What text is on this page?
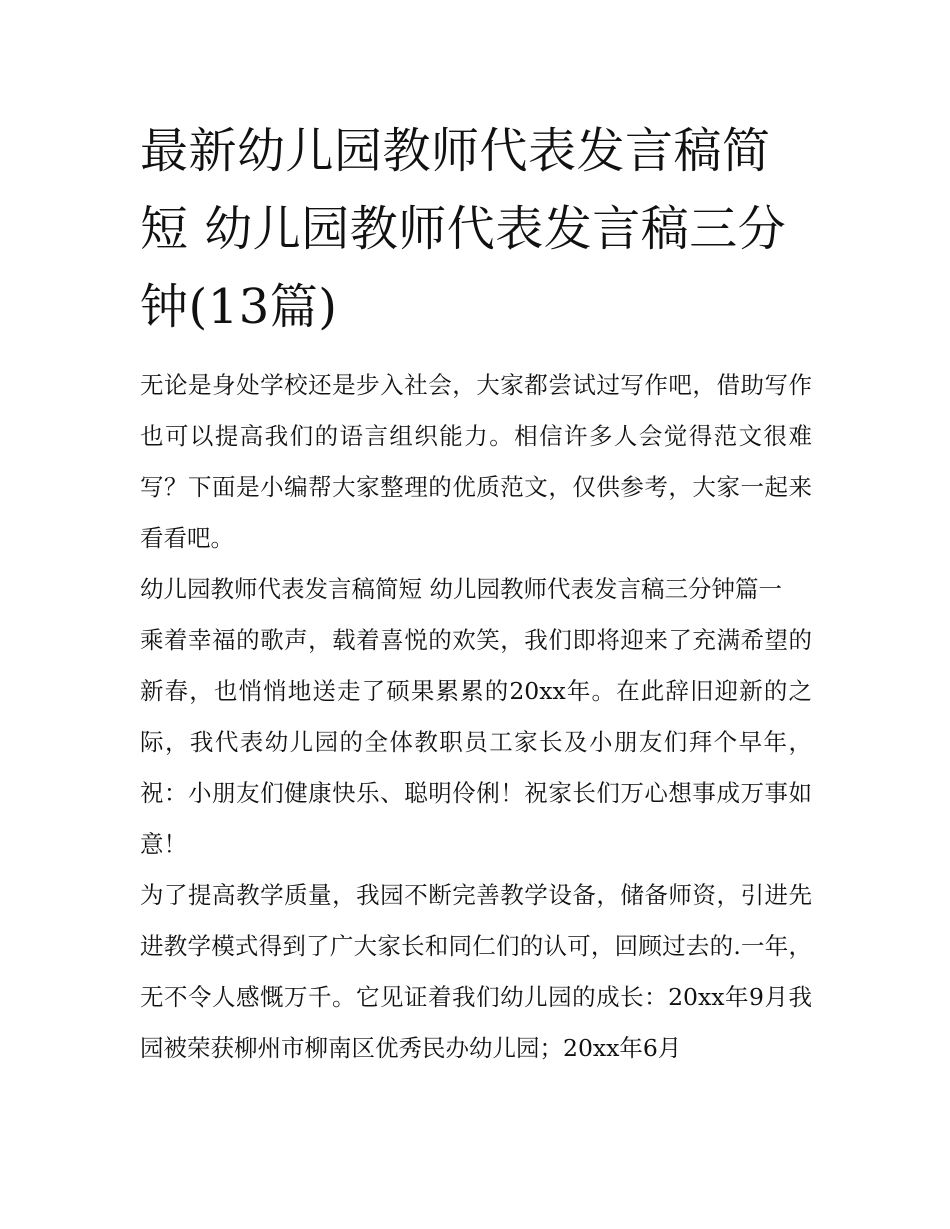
最新幼儿园教师代表发言稿简短 幼儿园教师代表发言稿三分钟(13篇)

无论是身处学校还是步入社会，大家都尝试过写作吧，借助写作也可以提高我们的语言组织能力。相信许多人会觉得范文很难写？下面是小编帮大家整理的优质范文，仅供参考，大家一起来看看吧。

幼儿园教师代表发言稿简短 幼儿园教师代表发言稿三分钟篇一

乘着幸福的歌声，载着喜悦的欢笑，我们即将迎来了充满希望的新春，也悄悄地送走了硕果累累的20xx年。在此辞旧迎新的之际，我代表幼儿园的全体教职员工家长及小朋友们拜个早年，祝：小朋友们健康快乐、聪明伶俐！祝家长们万心想事成万事如意！

为了提高教学质量，我园不断完善教学设备，储备师资，引进先进教学模式得到了广大家长和同仁们的认可，回顾过去的.一年，无不令人感慨万千。它见证着我们幼儿园的成长：20xx年9月我园被荣获柳州市柳南区优秀民办幼儿园；20xx年6月
